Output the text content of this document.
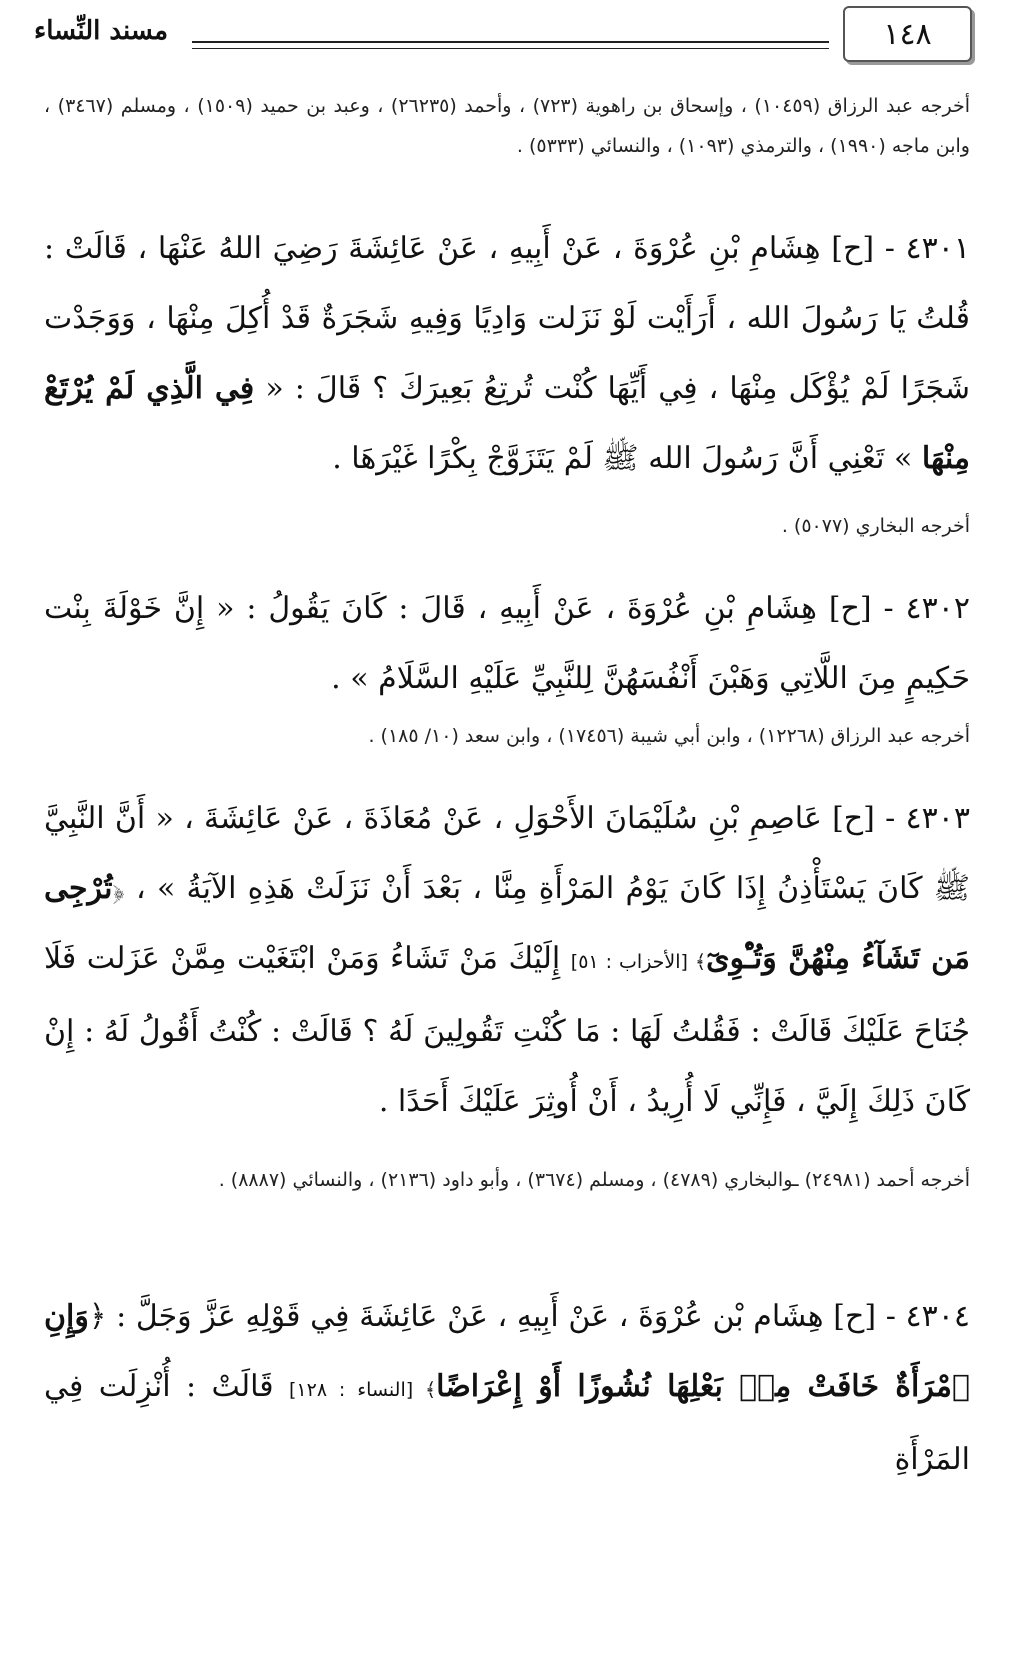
١٤٨
مسند النِّساء
أخرجه عبد الرزاق (١٠٤٥٩) ، وإسحاق بن راهوية (٧٢٣) ، وأحمد (٢٦٢٣٥) ، وعبد بن حميد (١٥٠٩) ، ومسلم (٣٤٦٧) ، وابن ماجه (١٩٩٠) ، والترمذي (١٠٩٣) ، والنسائي (٥٣٣٣) .
٤٣٠١ - [ح] هِشَامِ بْنِ عُرْوَةَ ، عَنْ أَبِيهِ ، عَنْ عَائِشَةَ رَضِيَ اللهُ عَنْهَا ، قَالَتْ : قُلتُ يَا رَسُولَ الله ، أَرَأَيْت لَوْ نَزَلت وَادِيًا وَفِيهِ شَجَرَةٌ قَدْ أُكِلَ مِنْهَا ، وَوَجَدْت شَجَرًا لَمْ يُؤْكَل مِنْهَا ، فِي أَيِّهَا كُنْت تُرتِعُ بَعِيرَكَ ؟ قَالَ : « فِي الَّذِي لَمْ يُرْتَعْ مِنْهَا » تَعْنِي أَنَّ رَسُولَ الله ﷺ لَمْ يَتَزَوَّجْ بِكْرًا غَيْرَهَا .
أخرجه البخاري (٥٠٧٧) .
٤٣٠٢ - [ح] هِشَامِ بْنِ عُرْوَةَ ، عَنْ أَبِيهِ ، قَالَ : كَانَ يَقُولُ : « إِنَّ خَوْلَةَ بِنْت حَكِيمٍ مِنَ اللَّاتِي وَهَبْنَ أَنْفُسَهُنَّ لِلنَّبِيِّ عَلَيْهِ السَّلَامُ » .
أخرجه عبد الرزاق (١٢٢٦٨) ، وابن أبي شيبة (١٧٤٥٦) ، وابن سعد (١٠/ ١٨٥) .
٤٣٠٣ - [ح] عَاصِمِ بْنِ سُلَيْمَانَ الأَحْوَلِ ، عَنْ مُعَاذَةَ ، عَنْ عَائِشَةَ ، « أَنَّ النَّبِيَّ ﷺ كَانَ يَسْتَأْذِنُ إِذَا كَانَ يَوْمُ المَرْأَةِ مِنَّا ، بَعْدَ أَنْ نَزَلَتْ هَذِهِ الآيَةُ » ، ﴿تُرْجِى مَن تَشَآءُ مِنْهُنَّ وَتُـْٔوِىٓ﴾ [الأحزاب : ٥١] إِلَيْكَ مَنْ تَشَاءُ وَمَنْ ابْتَغَيْت مِمَّنْ عَزَلت فَلَا جُنَاحَ عَلَيْكَ قَالَتْ : فَقُلتُ لَهَا : مَا كُنْتِ تَقُولِينَ لَهُ ؟ قَالَتْ : كُنْتُ أَقُولُ لَهُ : إِنْ كَانَ ذَلِكَ إِلَيَّ ، فَإِنِّي لَا أُرِيدُ ، أَنْ أُوثِرَ عَلَيْكَ أَحَدًا .
أخرجه أحمد (٢٤٩٨١) ـوالبخاري (٤٧٨٩) ، ومسلم (٣٦٧٤) ، وأبو داود (٢١٣٦) ، والنسائي (٨٨٨٧) .
٤٣٠٤ - [ح] هِشَام بْن عُرْوَةَ ، عَنْ أَبِيهِ ، عَنْ عَائِشَةَ فِي قَوْلِهِ عَزَّ وَجَلَّ : ﴿وَإِنِ ٱمْرَأَةٌ خَافَتْ مِنۢ بَعْلِهَا نُشُوزًا أَوْ إِعْرَاضًا﴾ [النساء : ١٢٨] قَالَتْ : أُنْزِلَت فِي المَرْأَةِ
